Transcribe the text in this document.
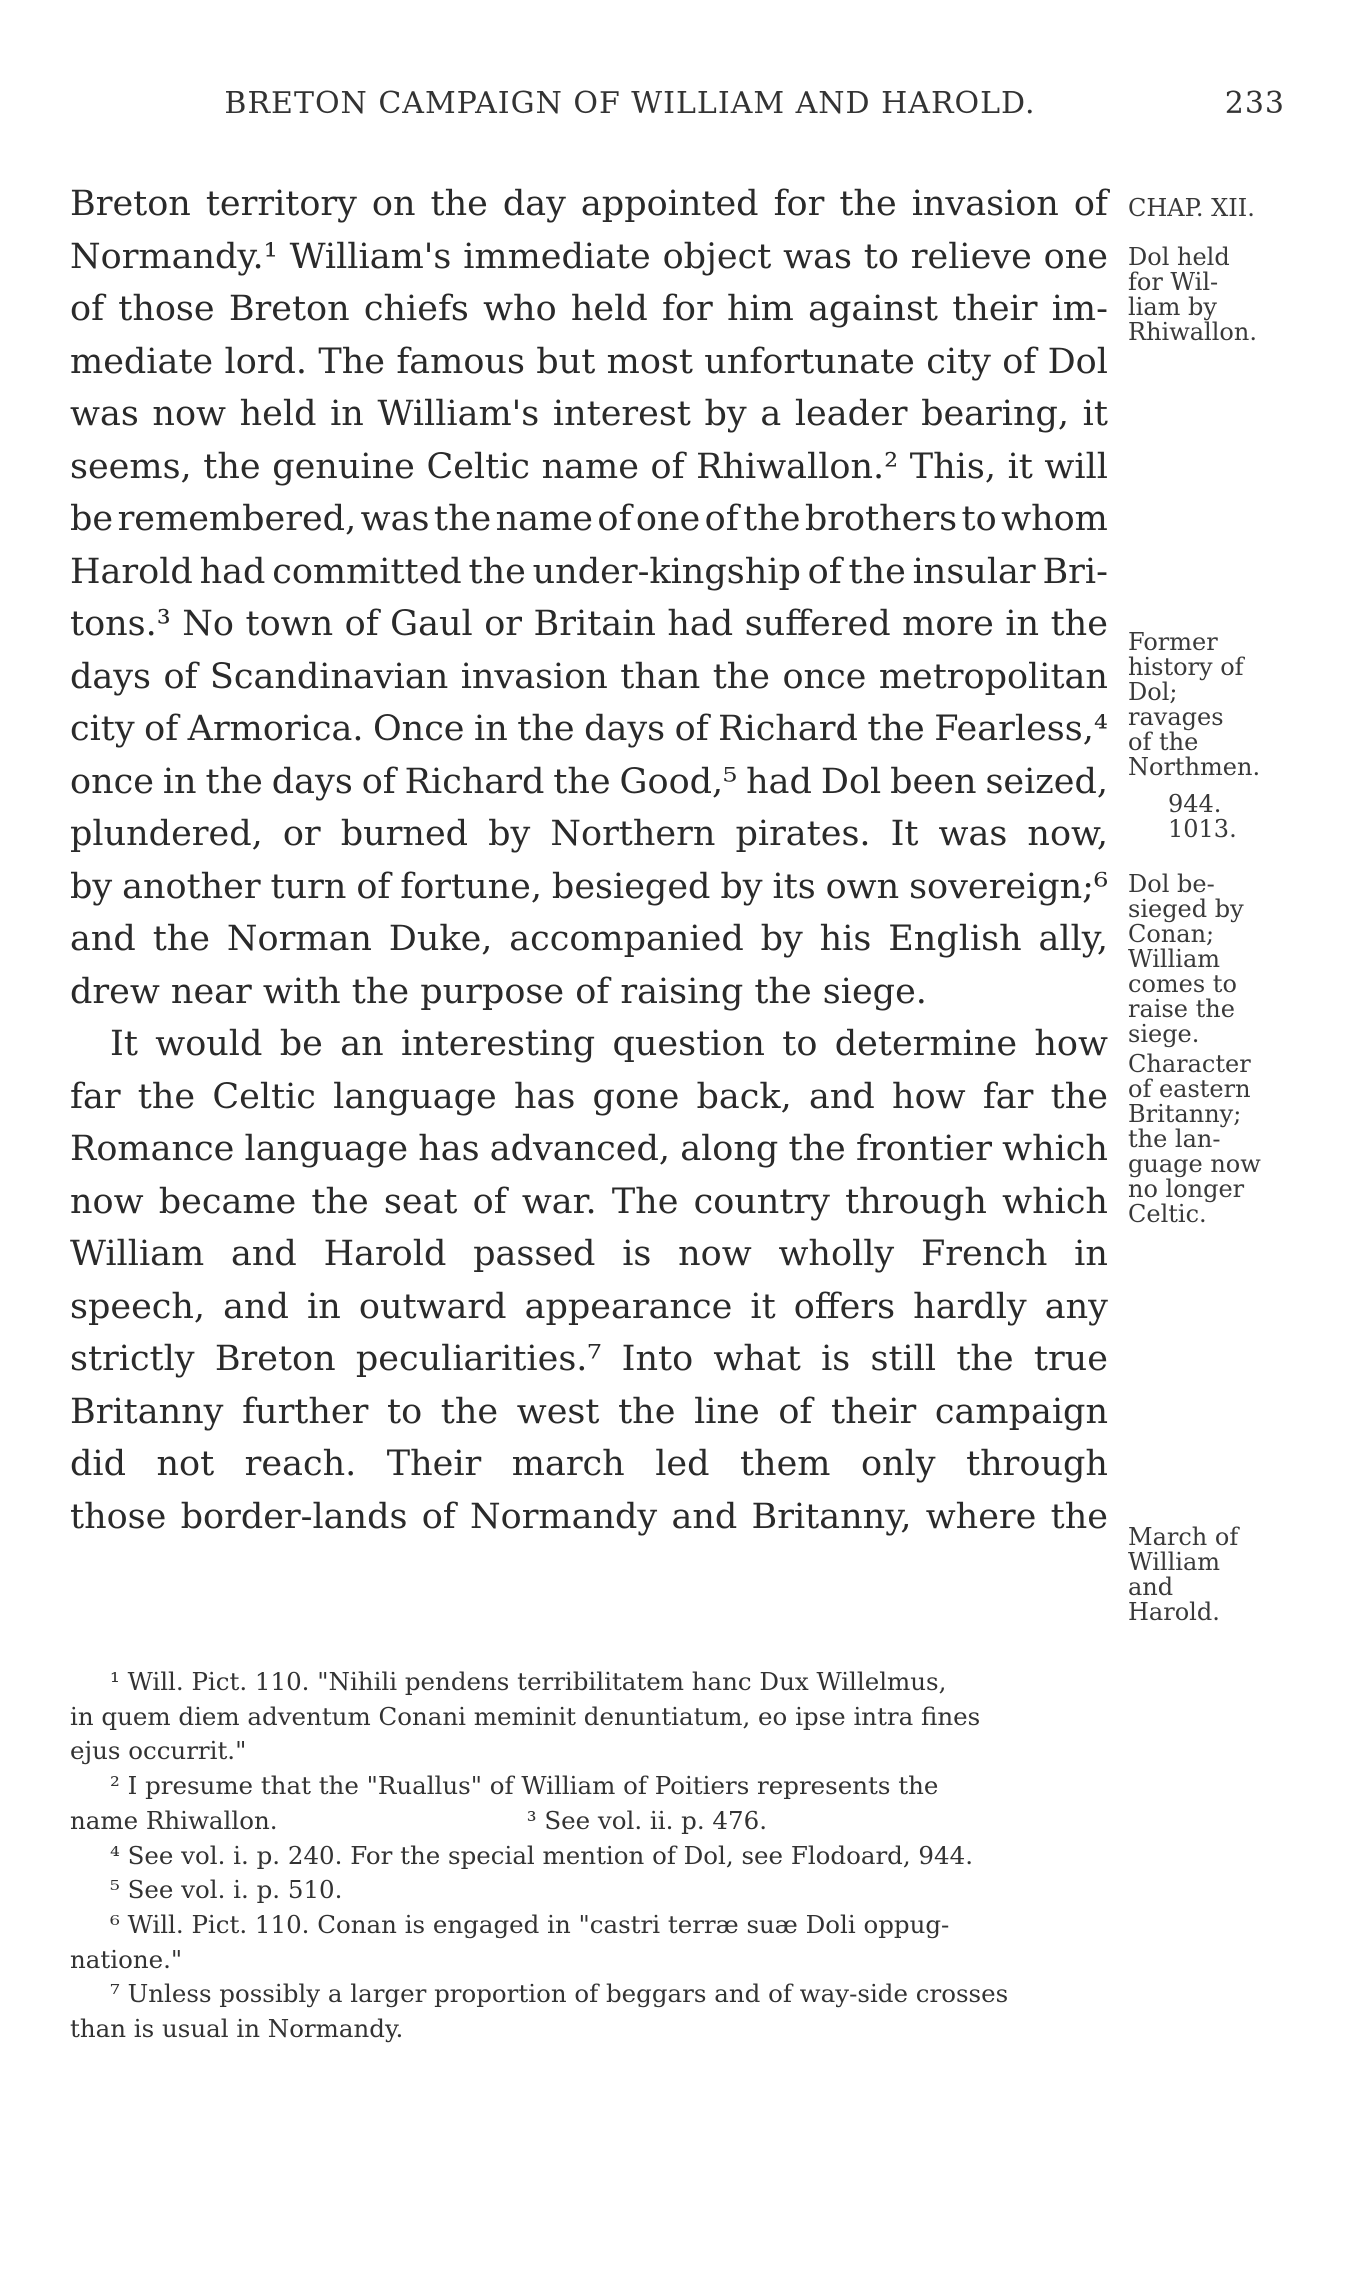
BRETON CAMPAIGN OF WILLIAM AND HAROLD.	233
Breton territory on the day appointed for the invasion of
Normandy.¹ William's immediate object was to relieve one
of those Breton chiefs who held for him against their im-
mediate lord. The famous but most unfortunate city of Dol
was now held in William's interest by a leader bearing, it
seems, the genuine Celtic name of Rhiwallon.² This, it will
be remembered, was the name of one of the brothers to whom
Harold had committed the under-kingship of the insular Bri-
tons.³ No town of Gaul or Britain had suffered more in the
days of Scandinavian invasion than the once metropolitan
city of Armorica. Once in the days of Richard the Fearless,⁴
once in the days of Richard the Good,⁵ had Dol been seized,
plundered, or burned by Northern pirates. It was now,
by another turn of fortune, besieged by its own sovereign;⁶
and the Norman Duke, accompanied by his English ally,
drew near with the purpose of raising the siege.
It would be an interesting question to determine how
far the Celtic language has gone back, and how far the
Romance language has advanced, along the frontier which
now became the seat of war. The country through which
William and Harold passed is now wholly French in
speech, and in outward appearance it offers hardly any
strictly Breton peculiarities.⁷ Into what is still the true
Britanny further to the west the line of their campaign
did not reach. Their march led them only through
those border-lands of Normandy and Britanny, where the
CHAP. XII.
Dol held
for Wil-
liam by
Rhiwallon.
Former
history of
Dol;
ravages
of the
Northmen.
944.
1013.
Dol be-
sieged by
Conan;
William
comes to
raise the
siege.
Character
of eastern
Britanny;
the lan-
guage now
no longer
Celtic.
March of
William
and
Harold.
¹ Will. Pict. 110. "Nihili pendens terribilitatem hanc Dux Willelmus,
in quem diem adventum Conani meminit denuntiatum, eo ipse intra fines
ejus occurrit."
² I presume that the "Ruallus" of William of Poitiers represents the
name Rhiwallon.                                ³ See vol. ii. p. 476.
⁴ See vol. i. p. 240. For the special mention of Dol, see Flodoard, 944.
⁵ See vol. i. p. 510.
⁶ Will. Pict. 110. Conan is engaged in "castri terræ suæ Doli oppug-
natione."
⁷ Unless possibly a larger proportion of beggars and of way-side crosses
than is usual in Normandy.
